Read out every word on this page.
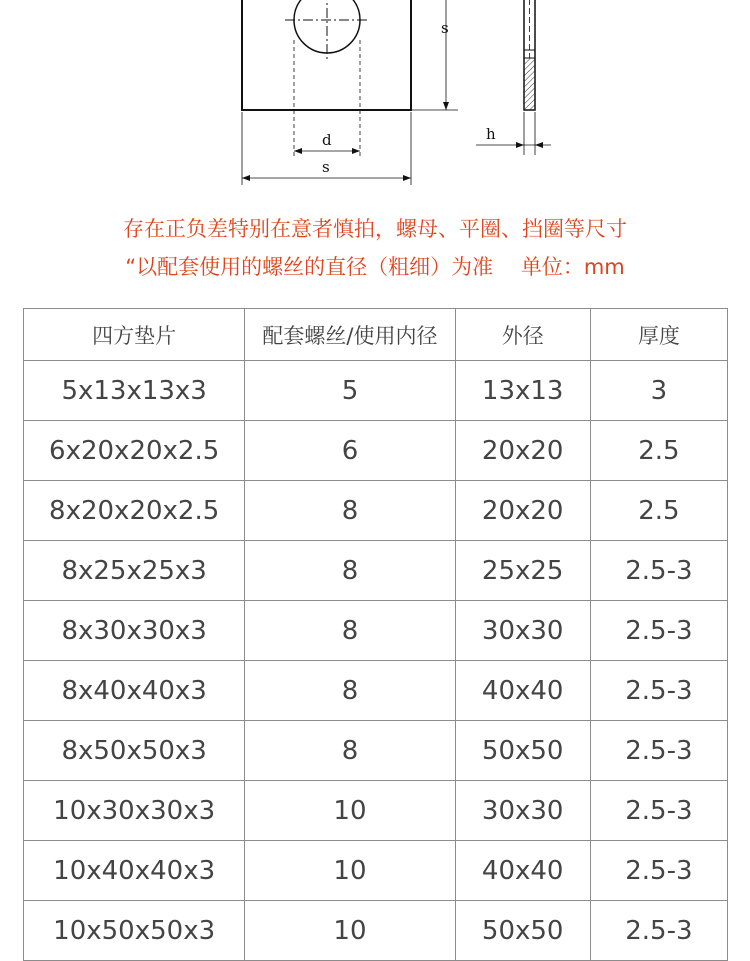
s
d
s
h
存在正负差特别在意者慎拍，螺母、平圈、挡圈等尺寸
“以配套使用的螺丝的直径（粗细）为准　 单位：mm
四方垫片	配套螺丝/使用内径	外径	厚度
5x13x13x3	5	13x13	3
6x20x20x2.5	6	20x20	2.5
8x20x20x2.5	8	20x20	2.5
8x25x25x3	8	25x25	2.5-3
8x30x30x3	8	30x30	2.5-3
8x40x40x3	8	40x40	2.5-3
8x50x50x3	8	50x50	2.5-3
10x30x30x3	10	30x30	2.5-3
10x40x40x3	10	40x40	2.5-3
10x50x50x3	10	50x50	2.5-3
